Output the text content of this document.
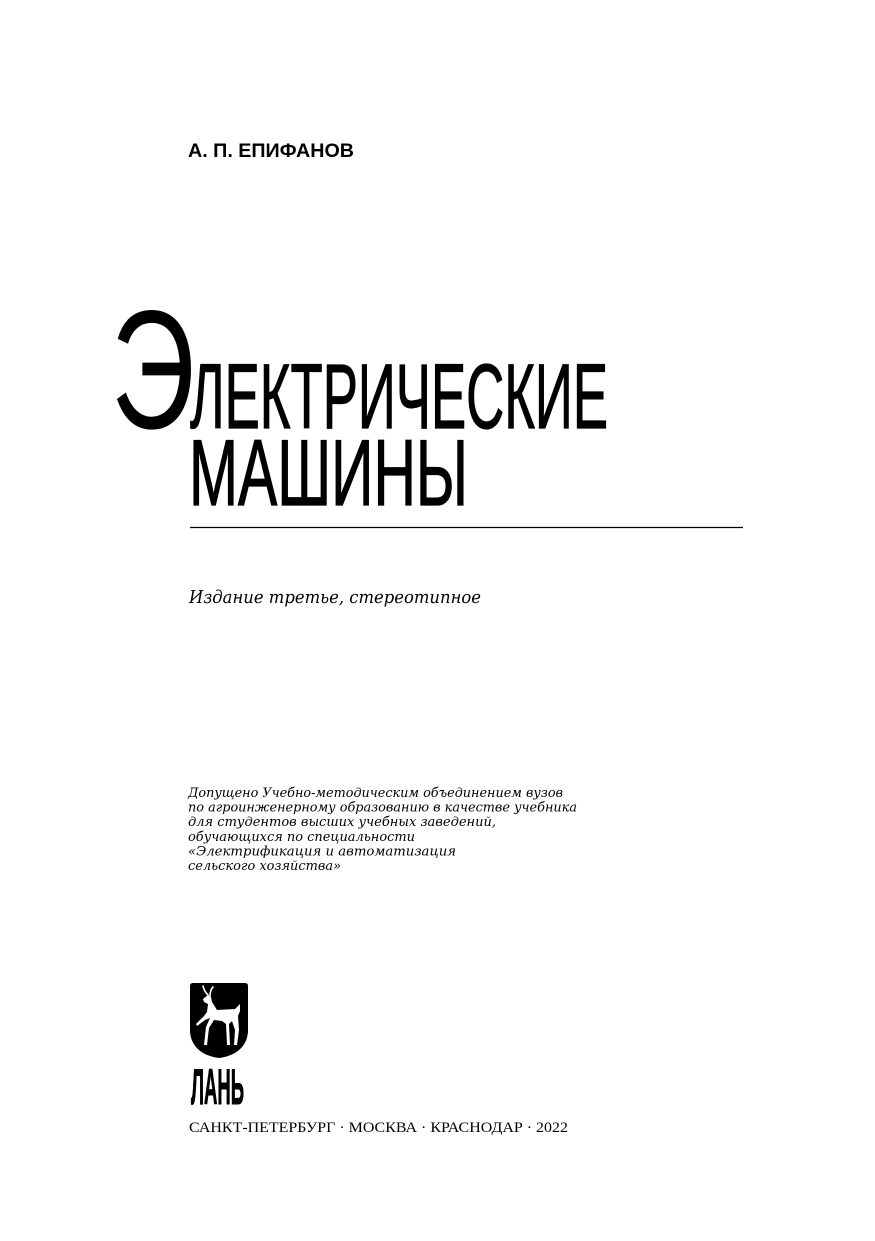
А. П. ЕПИФАНОВ
Э
ЛЕКТРИЧЕСКИЕ
МАШИНЫ
Издание третье, стереотипное
Допущено Учебно-методическим объединением вузов
по агроинженерному образованию в качестве учебника
для студентов высших учебных заведений,
обучающихся по специальности
«Электрификация и автоматизация
сельского хозяйства»
ЛАНЬ
САНКТ-ПЕТЕРБУРГ · МОСКВА · КРАСНОДАР · 2022
